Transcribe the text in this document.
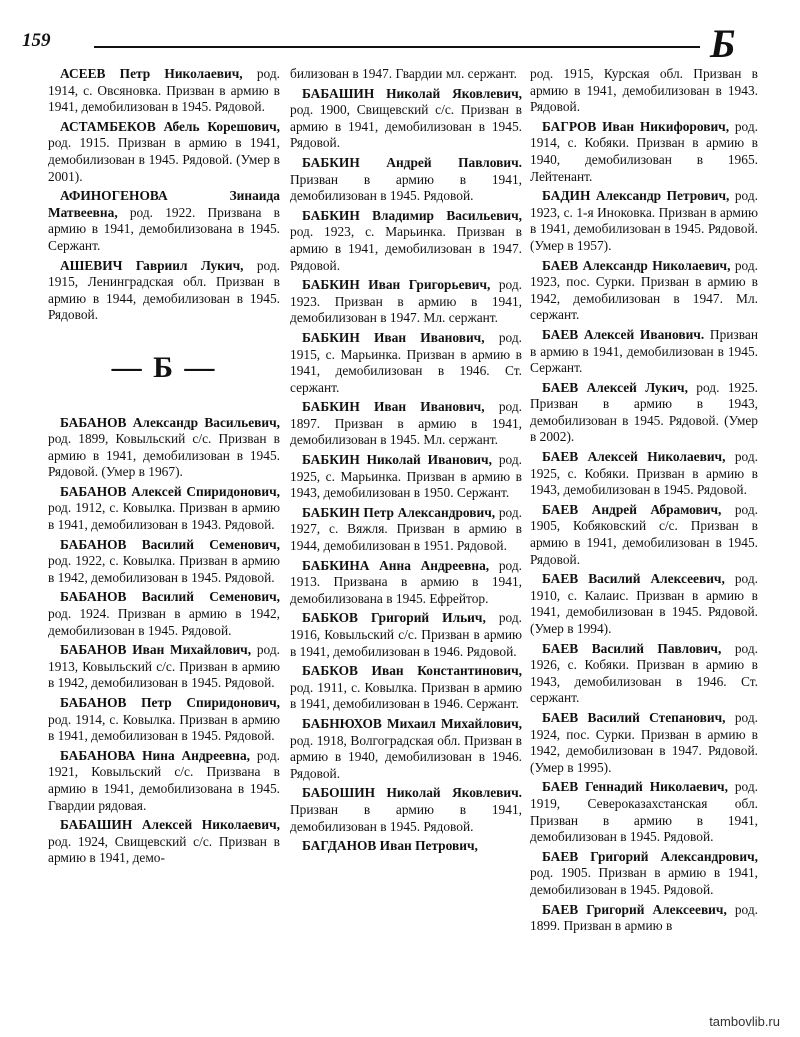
159	Б

АСЕЕВ Петр Николаевич, род. 1914, с. Овсяновка. Призван в армию в 1941, демобилизован в 1945. Рядовой.

АСТАМБЕКОВ Абель Корешович, род. 1915. Призван в армию в 1941, демобилизован в 1945. Рядовой. (Умер в 2001).

АФИНОГЕНОВА Зинаида Матвеевна, род. 1922. Призвана в армию в 1941, демобилизована в 1945. Сержант.

АШЕВИЧ Гавриил Лукич, род. 1915, Ленинградская обл. Призван в армию в 1944, демобилизован в 1945. Рядовой.

— Б —

БАБАНОВ Александр Васильевич, род. 1899, Ковыльский с/с. Призван в армию в 1941, демобилизован в 1945. Рядовой. (Умер в 1967).

БАБАНОВ Алексей Спиридонович, род. 1912, с. Ковылка. Призван в армию в 1941, демобилизован в 1943. Рядовой.

БАБАНОВ Василий Семенович, род. 1922, с. Ковылка. Призван в армию в 1942, демобилизован в 1945. Рядовой.

БАБАНОВ Василий Семенович, род. 1924. Призван в армию в 1942, демобилизован в 1945. Рядовой.

БАБАНОВ Иван Михайлович, род. 1913, Ковыльский с/с. Призван в армию в 1942, демобилизован в 1945. Рядовой.

БАБАНОВ Петр Спиридонович, род. 1914, с. Ковылка. Призван в армию в 1941, демобилизован в 1945. Рядовой.

БАБАНОВА Нина Андреевна, род. 1921, Ковыльский с/с. Призвана в армию в 1941, демобилизована в 1945. Гвардии рядовая.

БАБАШИН Алексей Николаевич, род. 1924, Свищевский с/с. Призван в армию в 1941, демо-

билизован в 1947. Гвардии мл. сержант.

БАБАШИН Николай Яковлевич, род. 1900, Свищевский с/с. Призван в армию в 1941, демобилизован в 1945. Рядовой.

БАБКИН Андрей Павлович. Призван в армию в 1941, демобилизован в 1945. Рядовой.

БАБКИН Владимир Васильевич, род. 1923, с. Марьинка. Призван в армию в 1941, демобилизован в 1947. Рядовой.

БАБКИН Иван Григорьевич, род. 1923. Призван в армию в 1941, демобилизован в 1947. Мл. сержант.

БАБКИН Иван Иванович, род. 1915, с. Марьинка. Призван в армию в 1941, демобилизован в 1946. Ст. сержант.

БАБКИН Иван Иванович, род. 1897. Призван в армию в 1941, демобилизован в 1945. Мл. сержант.

БАБКИН Николай Иванович, род. 1925, с. Марьинка. Призван в армию в 1943, демобилизован в 1950. Сержант.

БАБКИН Петр Александрович, род. 1927, с. Вяжля. Призван в армию в 1944, демобилизован в 1951. Рядовой.

БАБКИНА Анна Андреевна, род. 1913. Призвана в армию в 1941, демобилизована в 1945. Ефрейтор.

БАБКОВ Григорий Ильич, род. 1916, Ковыльский с/с. Призван в армию в 1941, демобилизован в 1946. Рядовой.

БАБКОВ Иван Константинович, род. 1911, с. Ковылка. Призван в армию в 1941, демобилизован в 1946. Сержант.

БАБНЮХОВ Михаил Михайлович, род. 1918, Волгоградская обл. Призван в армию в 1940, демобилизован в 1946. Рядовой.

БАБОШИН Николай Яковлевич. Призван в армию в 1941, демобилизован в 1945. Рядовой.

БАГДАНОВ Иван Петрович,

род. 1915, Курская обл. Призван в армию в 1941, демобилизован в 1943. Рядовой.

БАГРОВ Иван Никифорович, род. 1914, с. Кобяки. Призван в армию в 1940, демобилизован в 1965. Лейтенант.

БАДИН Александр Петрович, род. 1923, с. 1-я Иноковка. Призван в армию в 1941, демобилизован в 1945. Рядовой. (Умер в 1957).

БАЕВ Александр Николаевич, род. 1923, пос. Сурки. Призван в армию в 1942, демобилизован в 1947. Мл. сержант.

БАЕВ Алексей Иванович. Призван в армию в 1941, демобилизован в 1945. Сержант.

БАЕВ Алексей Лукич, род. 1925. Призван в армию в 1943, демобилизован в 1945. Рядовой. (Умер в 2002).

БАЕВ Алексей Николаевич, род. 1925, с. Кобяки. Призван в армию в 1943, демобилизован в 1945. Рядовой.

БАЕВ Андрей Абрамович, род. 1905, Кобяковский с/с. Призван в армию в 1941, демобилизован в 1945. Рядовой.

БАЕВ Василий Алексеевич, род. 1910, с. Калаис. Призван в армию в 1941, демобилизован в 1945. Рядовой. (Умер в 1994).

БАЕВ Василий Павлович, род. 1926, с. Кобяки. Призван в армию в 1943, демобилизован в 1946. Ст. сержант.

БАЕВ Василий Степанович, род. 1924, пос. Сурки. Призван в армию в 1942, демобилизован в 1947. Рядовой. (Умер в 1995).

БАЕВ Геннадий Николаевич, род. 1919, Североказахстанская обл. Призван в армию в 1941, демобилизован в 1945. Рядовой.

БАЕВ Григорий Александрович, род. 1905. Призван в армию в 1941, демобилизован в 1945. Рядовой.

БАЕВ Григорий Алексеевич, род. 1899. Призван в армию в

tambovlib.ru
